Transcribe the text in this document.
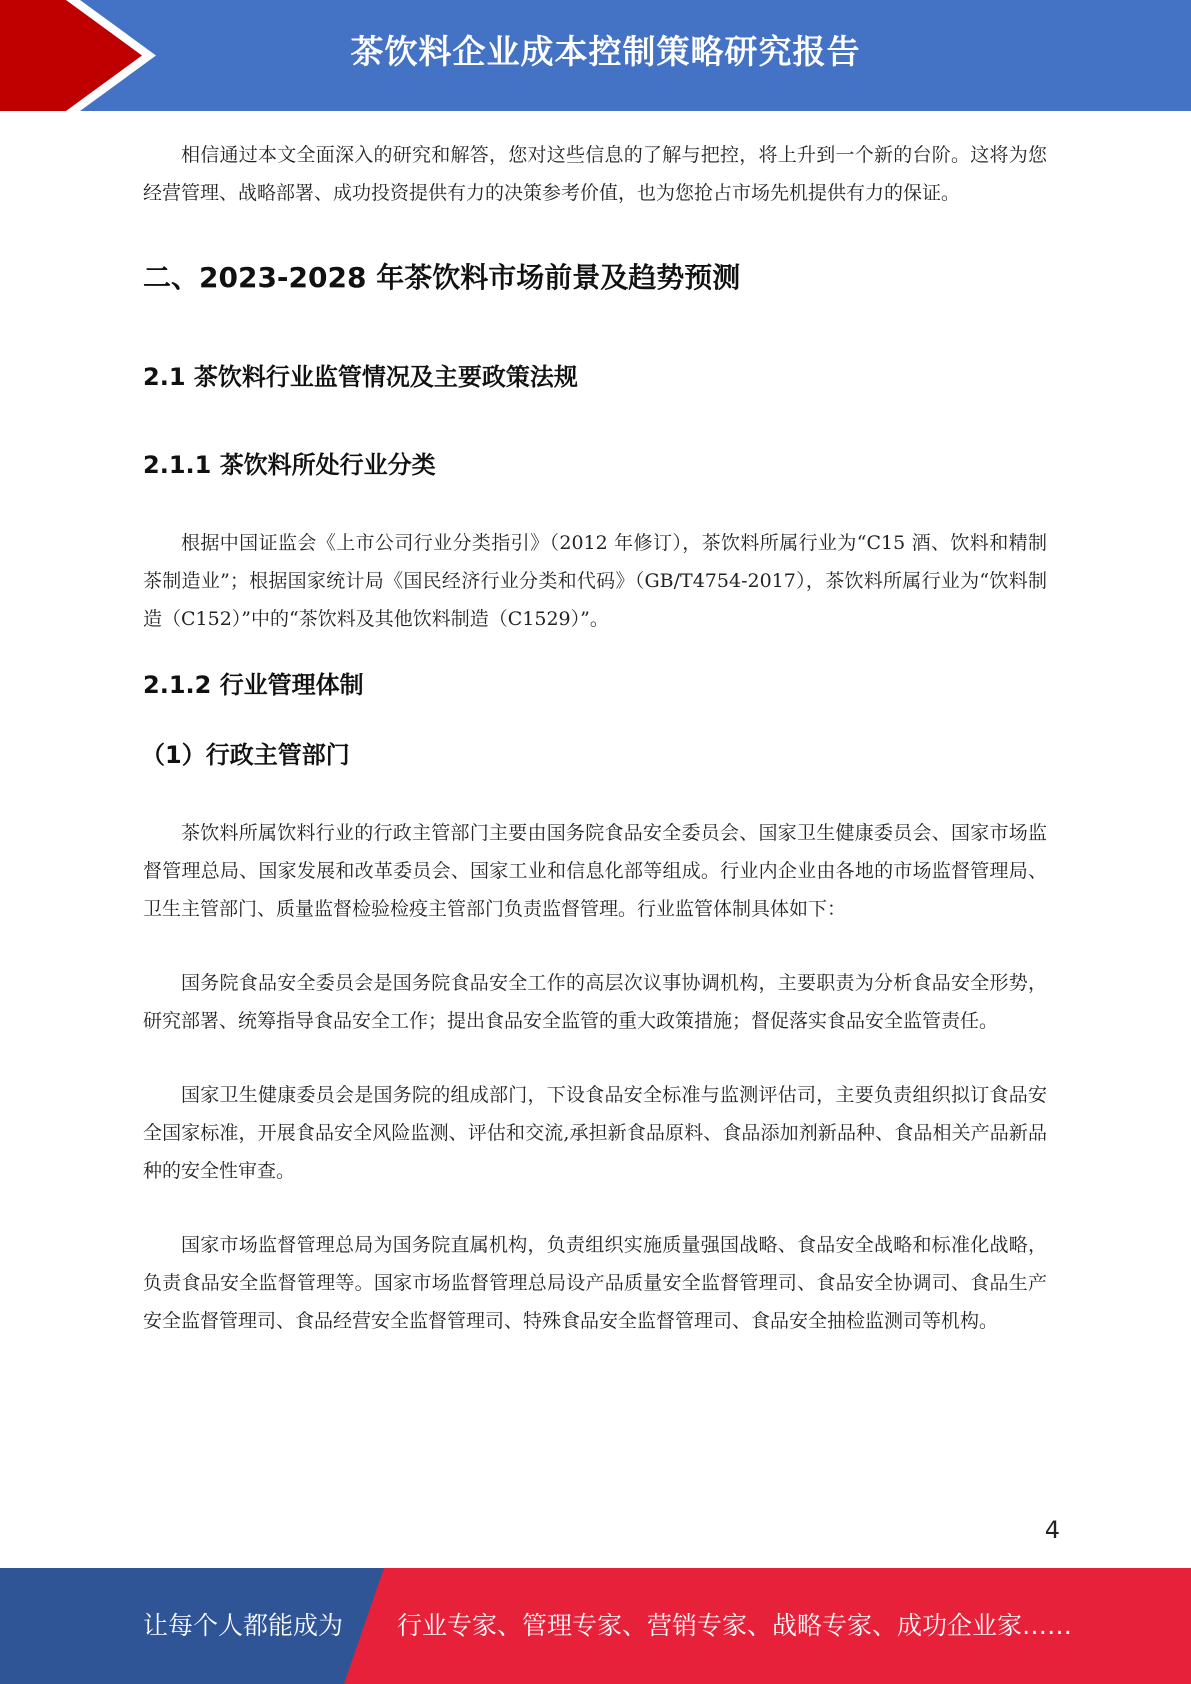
茶饮料企业成本控制策略研究报告

相信通过本文全面深入的研究和解答，您对这些信息的了解与把控，将上升到一个新的台阶。这将为您经营管理、战略部署、成功投资提供有力的决策参考价值，也为您抢占市场先机提供有力的保证。

二、2023-2028 年茶饮料市场前景及趋势预测
2.1 茶饮料行业监管情况及主要政策法规
2.1.1 茶饮料所处行业分类

根据中国证监会《上市公司行业分类指引》（2012 年修订），茶饮料所属行业为“C15 酒、饮料和精制茶制造业”；根据国家统计局《国民经济行业分类和代码》（GB/T4754-2017），茶饮料所属行业为“饮料制造（C152）”中的“茶饮料及其他饮料制造（C1529）”。

2.1.2 行业管理体制
（1）行政主管部门

茶饮料所属饮料行业的行政主管部门主要由国务院食品安全委员会、国家卫生健康委员会、国家市场监督管理总局、国家发展和改革委员会、国家工业和信息化部等组成。行业内企业由各地的市场监督管理局、卫生主管部门、质量监督检验检疫主管部门负责监督管理。行业监管体制具体如下：

国务院食品安全委员会是国务院食品安全工作的高层次议事协调机构，主要职责为分析食品安全形势，研究部署、统筹指导食品安全工作；提出食品安全监管的重大政策措施；督促落实食品安全监管责任。

国家卫生健康委员会是国务院的组成部门，下设食品安全标准与监测评估司，主要负责组织拟订食品安全国家标准，开展食品安全风险监测、评估和交流,承担新食品原料、食品添加剂新品种、食品相关产品新品种的安全性审查。

国家市场监督管理总局为国务院直属机构，负责组织实施质量强国战略、食品安全战略和标准化战略，负责食品安全监督管理等。国家市场监督管理总局设产品质量安全监督管理司、食品安全协调司、食品生产安全监督管理司、食品经营安全监督管理司、特殊食品安全监督管理司、食品安全抽检监测司等机构。

4
让每个人都能成为 行业专家、管理专家、营销专家、战略专家、成功企业家……
